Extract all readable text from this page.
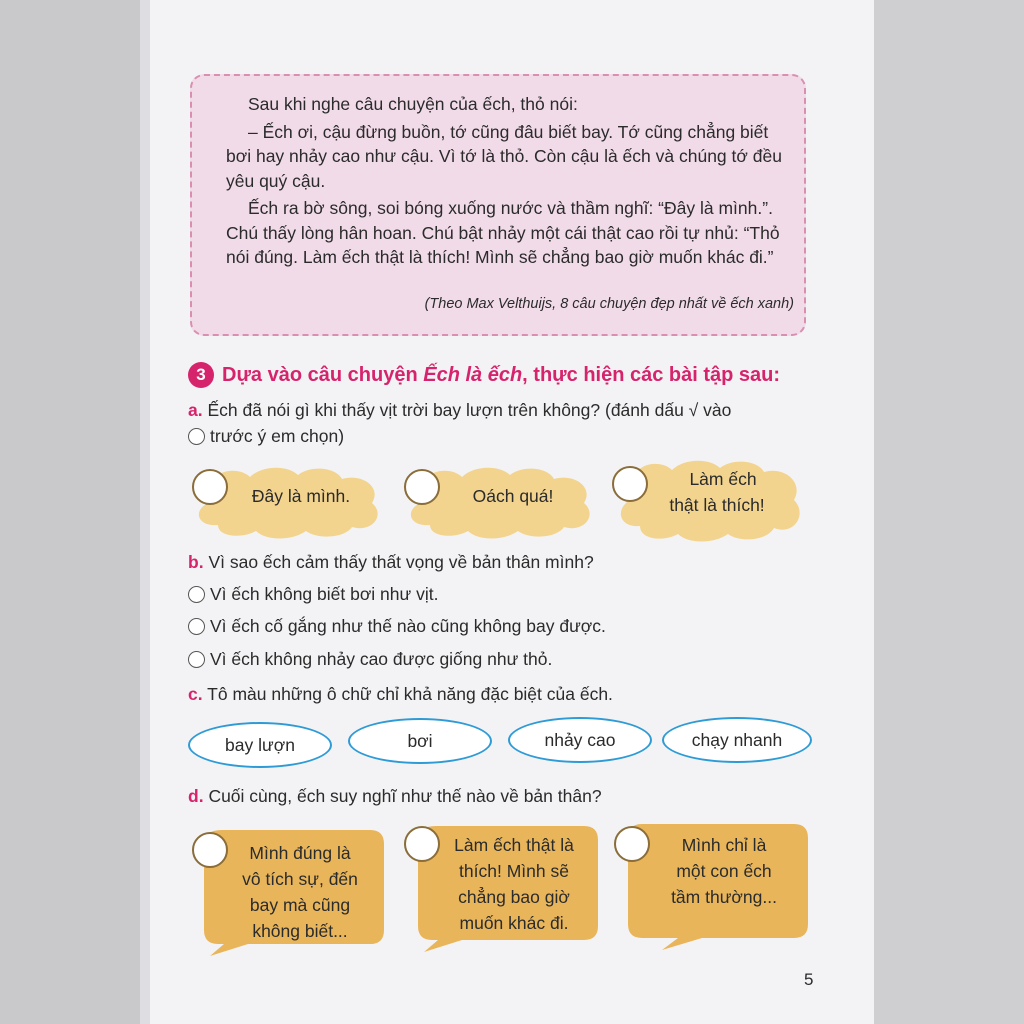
Sau khi nghe câu chuyện của ếch, thỏ nói:

– Ếch ơi, cậu đừng buồn, tớ cũng đâu biết bay. Tớ cũng chẳng biết bơi hay nhảy cao như cậu. Vì tớ là thỏ. Còn cậu là ếch và chúng tớ đều yêu quý cậu.

Ếch ra bờ sông, soi bóng xuống nước và thầm nghĩ: “Đây là mình.”. Chú thấy lòng hân hoan. Chú bật nhảy một cái thật cao rồi tự nhủ: “Thỏ nói đúng. Làm ếch thật là thích! Mình sẽ chẳng bao giờ muốn khác đi.”

(Theo Max Velthuijs, 8 câu chuyện đẹp nhất về ếch xanh)
3 Dựa vào câu chuyện Ếch là ếch, thực hiện các bài tập sau:
a. Ếch đã nói gì khi thấy vịt trời bay lượn trên không? (đánh dấu √ vào
trước ý em chọn)
Đây là mình.	Oách quá!
Làm ếch
thật là thích!
b. Vì sao ếch cảm thấy thất vọng về bản thân mình?
Vì ếch không biết bơi như vịt.
Vì ếch cố gắng như thế nào cũng không bay được.
Vì ếch không nhảy cao được giống như thỏ.
c. Tô màu những ô chữ chỉ khả năng đặc biệt của ếch.
bay lượn	bơi	nhảy cao	chạy nhanh
d. Cuối cùng, ếch suy nghĩ như thế nào về bản thân?
Mình đúng là
vô tích sự, đến
bay mà cũng
không biết...
Làm ếch thật là
thích! Mình sẽ
chẳng bao giờ
muốn khác đi.
Mình chỉ là
một con ếch
tầm thường...
5
